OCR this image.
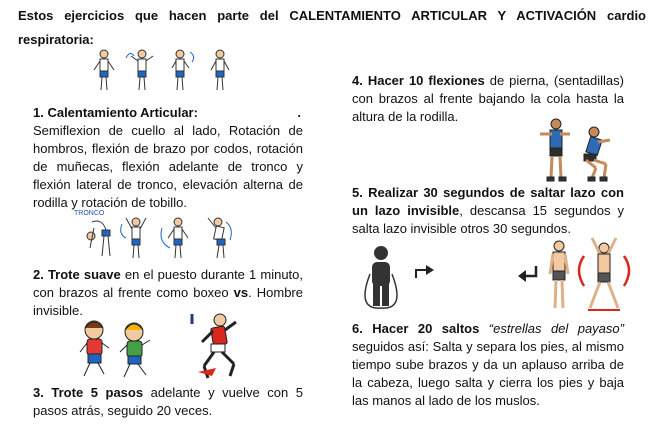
Estos ejercicios que hacen parte del CALENTAMIENTO ARTICULAR Y ACTIVACIÓN cardio respiratoria:
1. Calentamiento Articular:	.
Semiflexion de cuello al lado, Rotación de hombros, flexión de brazo por codos, rotación de muñecas, flexión adelante de tronco y flexión lateral de tronco, elevación alterna de rodilla y rotación de tobillo.
TRONCO
2. Trote suave en el puesto durante 1 minuto, con brazos al frente como boxeo vs. Hombre invisible.
3. Trote 5 pasos adelante y vuelve con 5 pasos atrás, seguido 20 veces.
4. Hacer 10 flexiones de pierna, (sentadillas) con brazos al frente bajando la cola hasta la altura de la rodilla.
5. Realizar 30 segundos de saltar lazo con un lazo invisible, descansa 15 segundos y salta lazo invisible otros 30 segundos.
6. Hacer 20 saltos “estrellas del payaso” seguidos así: Salta y separa los pies, al mismo tiempo sube brazos y da un aplauso arriba de la cabeza, luego salta y cierra los pies y baja las manos al lado de los muslos.
